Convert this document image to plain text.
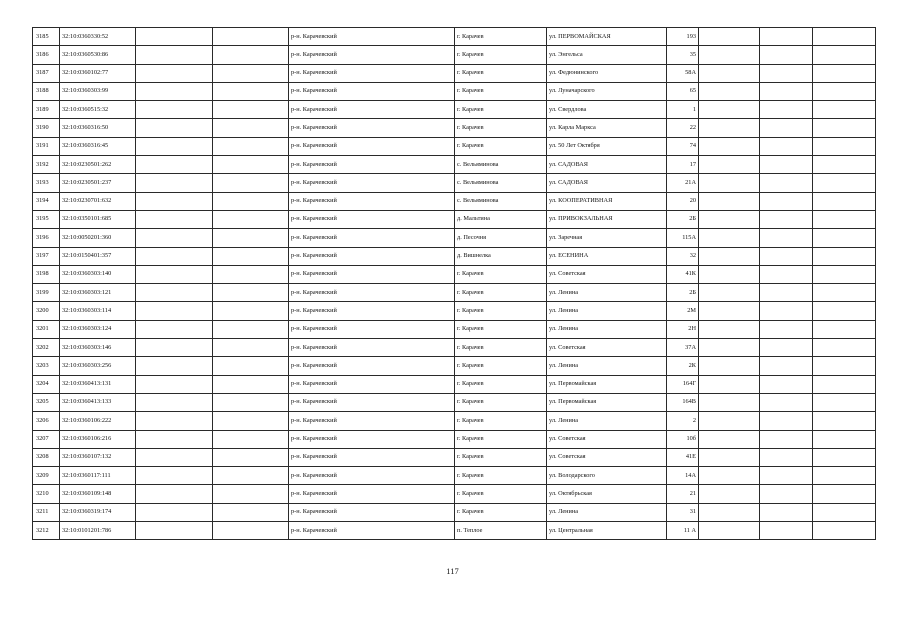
3185	32:10:0360330:52			р-н. Карачевский	г. Карачев	ул. ПЕРВОМАЙСКАЯ	193			
3186	32:10:0360530:86			р-н. Карачевский	г. Карачев	ул. Энгельса	35			
3187	32:10:0360102:77			р-н. Карачевский	г. Карачев	ул. Федюнинского	58А			
3188	32:10:0360303:99			р-н. Карачевский	г. Карачев	ул. Луначарского	65			
3189	32:10:0360515:32			р-н. Карачевский	г. Карачев	ул. Свердлова	1			
3190	32:10:0360316:50			р-н. Карачевский	г. Карачев	ул. Карла Маркса	22			
3191	32:10:0360316:45			р-н. Карачевский	г. Карачев	ул. 50 Лет Октября	74			
3192	32:10:0230501:262			р-н. Карачевский	с. Вельяминова	ул. САДОВАЯ	17			
3193	32:10:0230501:237			р-н. Карачевский	с. Вельяминова	ул. САДОВАЯ	21А			
3194	32:10:0230701:632			р-н. Карачевский	с. Вельяминова	ул. КООПЕРАТИВНАЯ	20			
3195	32:10:0350101:685			р-н. Карачевский	д. Мальтина	ул. ПРИВОКЗАЛЬНАЯ	2Б			
3196	32:10:0050201:360			р-н. Карачевский	д. Песочня	ул. Заречная	115А			
3197	32:10:0150401:357			р-н. Карачевский	д. Вишнелка	ул. ЕСЕНИНА	32			
3198	32:10:0360303:140			р-н. Карачевский	г. Карачев	ул. Советская	41К			
3199	32:10:0360303:121			р-н. Карачевский	г. Карачев	ул. Ленина	2Б			
3200	32:10:0360303:114			р-н. Карачевский	г. Карачев	ул. Ленина	2М			
3201	32:10:0360303:124			р-н. Карачевский	г. Карачев	ул. Ленина	2Н			
3202	32:10:0360303:146			р-н. Карачевский	г. Карачев	ул. Советская	37А			
3203	32:10:0360303:256			р-н. Карачевский	г. Карачев	ул. Ленина	2К			
3204	32:10:0360413:131			р-н. Карачевский	г. Карачев	ул. Первомайская	164Г			
3205	32:10:0360413:133			р-н. Карачевский	г. Карачев	ул. Первомайская	164В			
3206	32:10:0360106:222			р-н. Карачевский	г. Карачев	ул. Ленина	2			
3207	32:10:0360106:216			р-н. Карачевский	г. Карачев	ул. Советская	10б			
3208	32:10:0360107:132			р-н. Карачевский	г. Карачев	ул. Советская	41Е			
3209	32:10:0360117:111			р-н. Карачевский	г. Карачев	ул. Володарского	14А			
3210	32:10:0360109:148			р-н. Карачевский	г. Карачев	ул. Октябрьская	21			
3211	32:10:0360319:174			р-н. Карачевский	г. Карачев	ул. Ленина	31			
3212	32:10:0101201:786			р-н. Карачевский	п. Теплое	ул. Центральная	11 А			
117
